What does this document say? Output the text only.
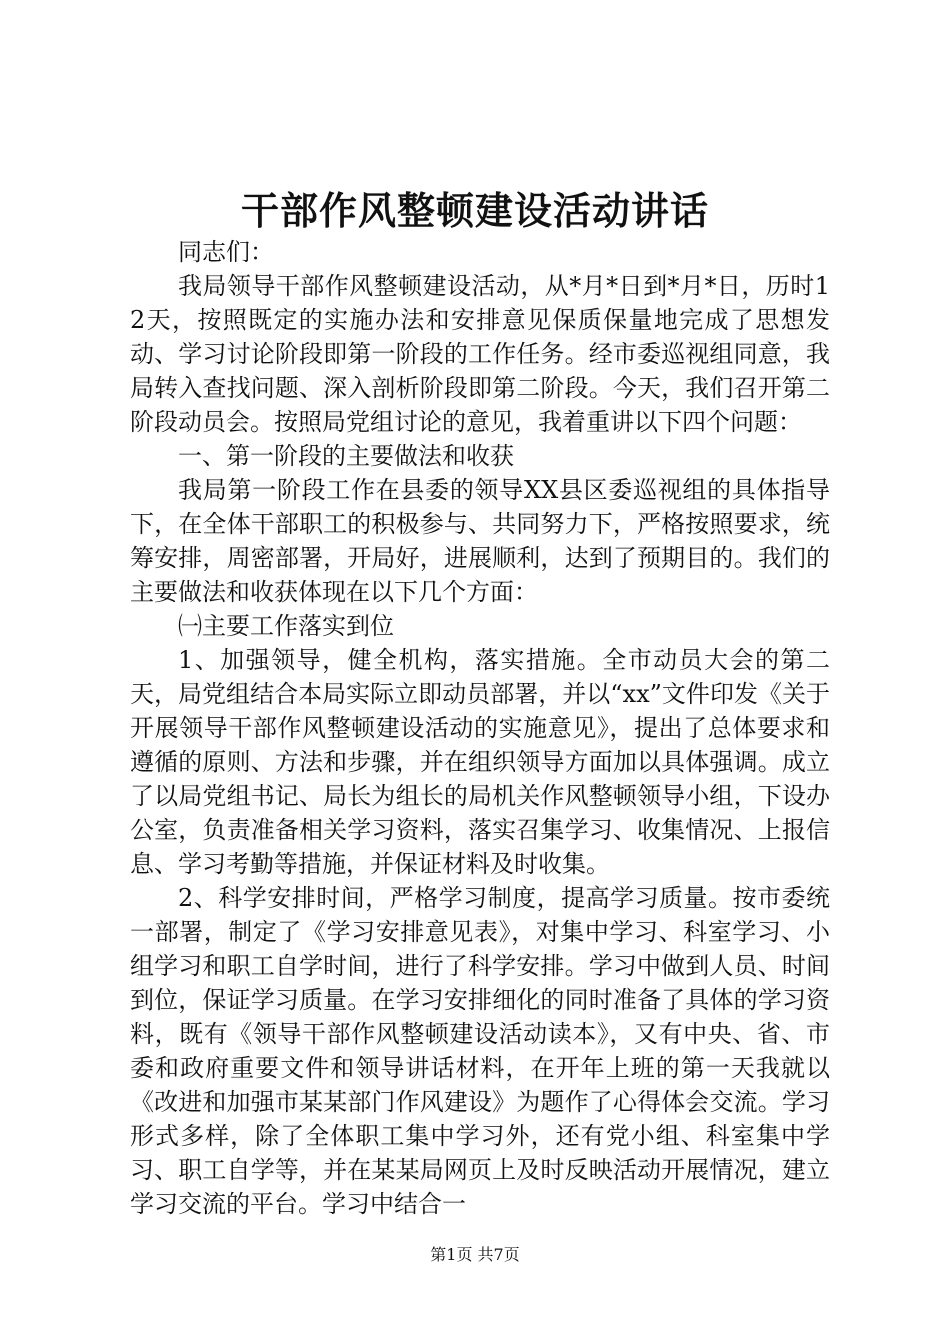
干部作风整顿建设活动讲话

同志们：

我局领导干部作风整顿建设活动，从*月*日到*月*日，历时12天，按照既定的实施办法和安排意见保质保量地完成了思想发动、学习讨论阶段即第一阶段的工作任务。经市委巡视组同意，我局转入查找问题、深入剖析阶段即第二阶段。今天，我们召开第二阶段动员会。按照局党组讨论的意见，我着重讲以下四个问题：

一、第一阶段的主要做法和收获

我局第一阶段工作在县委的领导XX县区委巡视组的具体指导下，在全体干部职工的积极参与、共同努力下，严格按照要求，统筹安排，周密部署，开局好，进展顺利，达到了预期目的。我们的主要做法和收获体现在以下几个方面：

㈠主要工作落实到位

1、加强领导，健全机构，落实措施。全市动员大会的第二天，局党组结合本局实际立即动员部署，并以“xx”文件印发《关于开展领导干部作风整顿建设活动的实施意见》，提出了总体要求和遵循的原则、方法和步骤，并在组织领导方面加以具体强调。成立了以局党组书记、局长为组长的局机关作风整顿领导小组，下设办公室，负责准备相关学习资料，落实召集学习、收集情况、上报信息、学习考勤等措施，并保证材料及时收集。

2、科学安排时间，严格学习制度，提高学习质量。按市委统一部署，制定了《学习安排意见表》，对集中学习、科室学习、小组学习和职工自学时间，进行了科学安排。学习中做到人员、时间到位，保证学习质量。在学习安排细化的同时准备了具体的学习资料，既有《领导干部作风整顿建设活动读本》，又有中央、省、市委和政府重要文件和领导讲话材料，在开年上班的第一天我就以《改进和加强市某某部门作风建设》为题作了心得体会交流。学习形式多样，除了全体职工集中学习外，还有党小组、科室集中学习、职工自学等，并在某某局网页上及时反映活动开展情况，建立学习交流的平台。学习中结合一

第1页 共7页
